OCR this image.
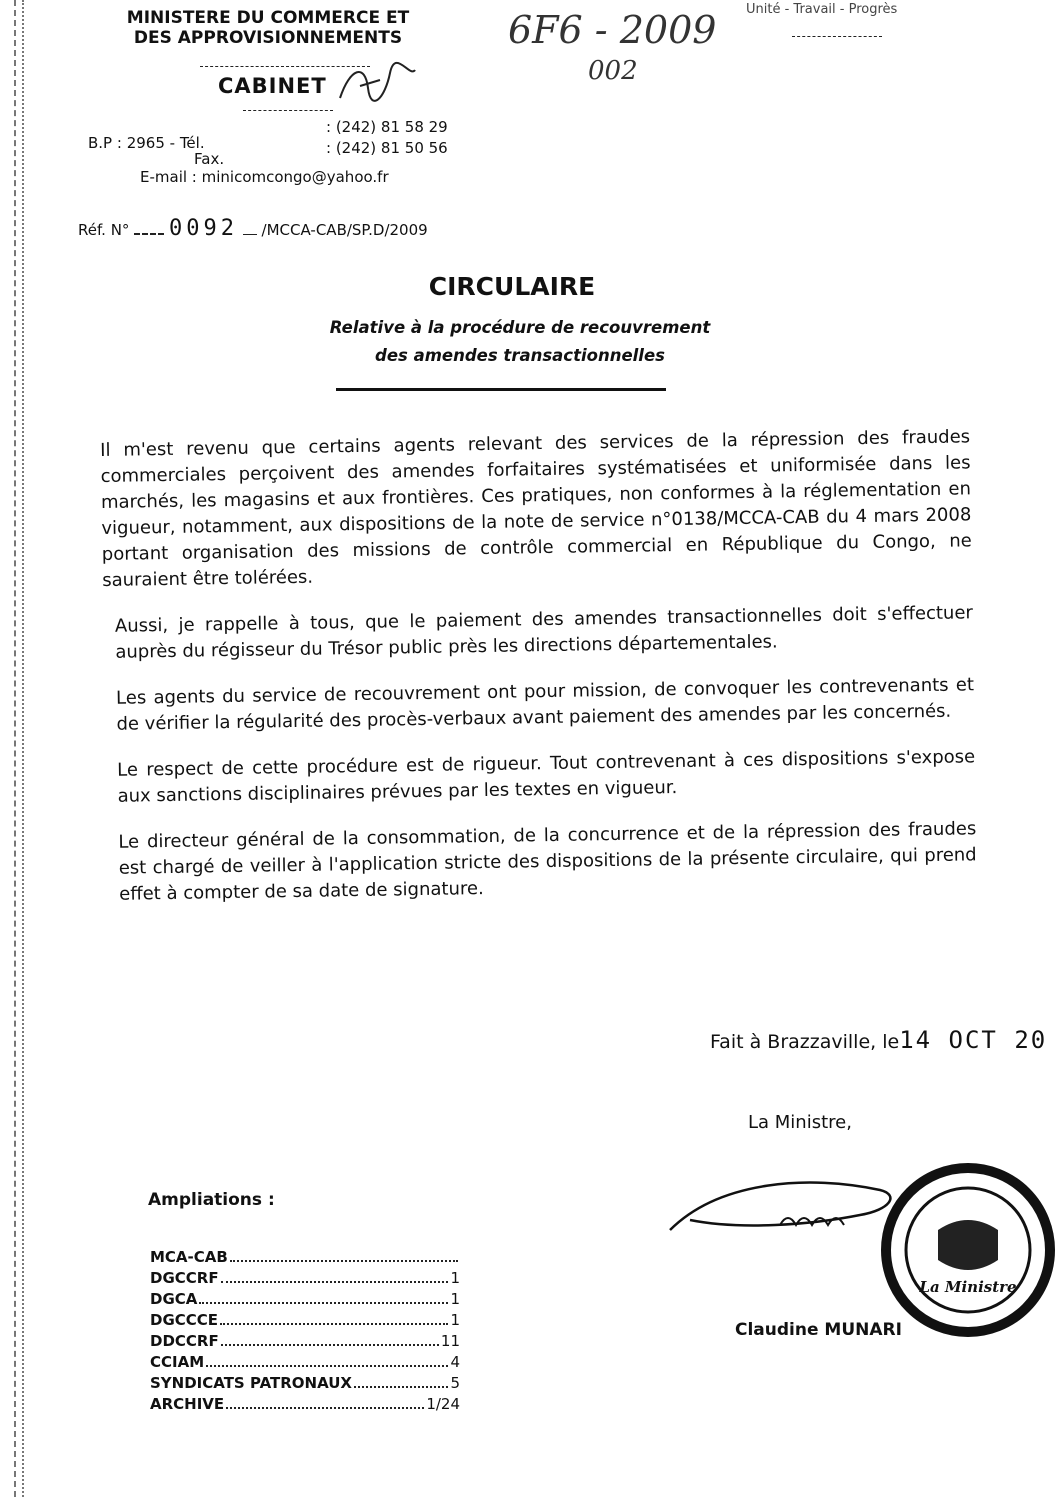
MINISTERE DU COMMERCE ET
DES APPROVISIONNEMENTS
CABINET
6F6 - 2009
002
Unité - Travail - Progrès
B.P : 2965 - Tél.
Fax.
: (242) 81 58 29
: (242) 81 50 56
E-mail : minicomcongo@yahoo.fr
Réf. N° 0092 /MCCA-CAB/SP.D/2009
CIRCULAIRE
Relative à la procédure de recouvrement
des amendes transactionnelles

Il m'est revenu que certains agents relevant des services de la répression des fraudes commerciales perçoivent des amendes forfaitaires systématisées et uniformisée dans les marchés, les magasins et aux frontières. Ces pratiques, non conformes à la réglementation en vigueur, notamment, aux dispositions de la note de service n°0138/MCCA-CAB du 4 mars 2008 portant organisation des missions de contrôle commercial en République du Congo, ne sauraient être tolérées.

Aussi, je rappelle à tous, que le paiement des amendes transactionnelles doit s'effectuer auprès du régisseur du Trésor public près les directions départementales.

Les agents du service de recouvrement ont pour mission, de convoquer les contrevenants et de vérifier la régularité des procès-verbaux avant paiement des amendes par les concernés.

Le respect de cette procédure est de rigueur. Tout contrevenant à ces dispositions s'expose aux sanctions disciplinaires prévues par les textes en vigueur.

Le directeur général de la consommation, de la concurrence et de la répression des fraudes est chargé de veiller à l'application stricte des dispositions de la présente circulaire, qui prend effet à compter de sa date de signature.

Fait à Brazzaville, le14 OCT 20
La Ministre,
La Ministre
Claudine MUNARI
Ampliations :
MCA-CAB
DGCCRF	1
DGCA	1
DGCCCE	1
DDCCRF	11
CCIAM	4
SYNDICATS PATRONAUX	5
ARCHIVE	1/24
